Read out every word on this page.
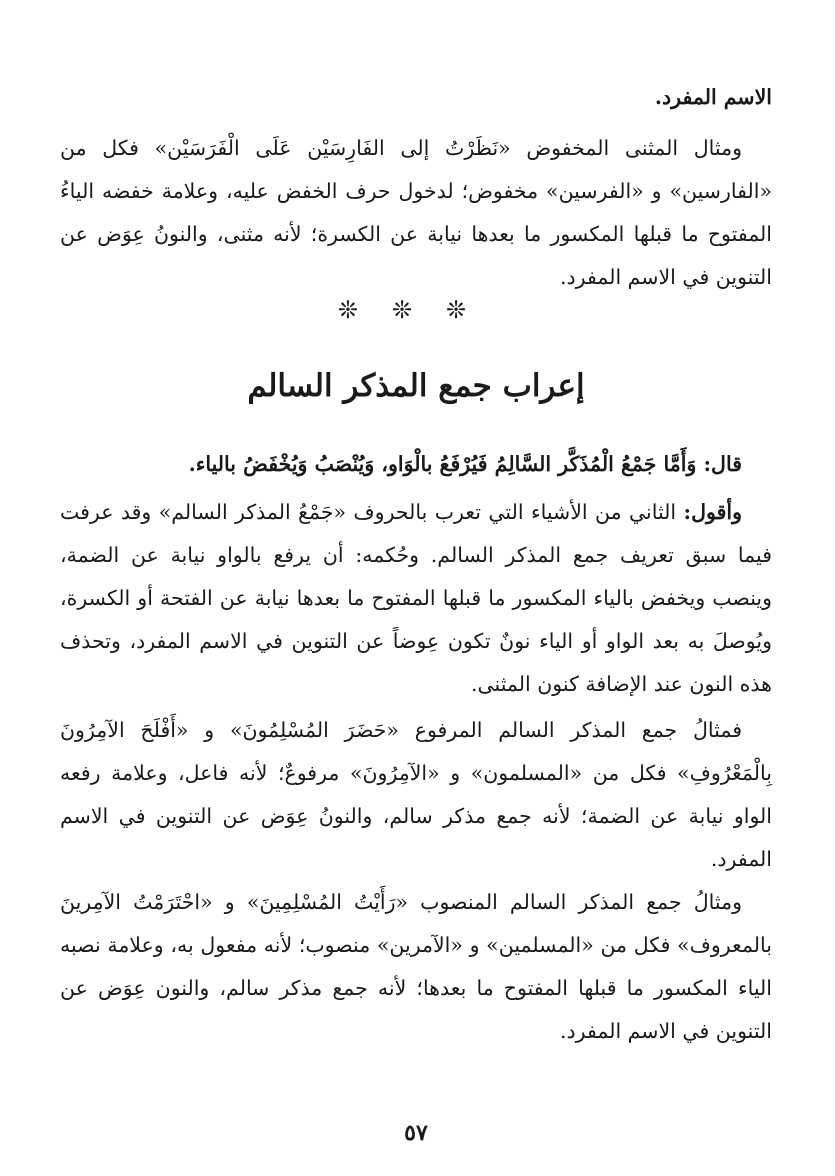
الاسم المفرد.

ومثال المثنى المخفوض «نَظَرْتُ إلى الفَارِسَيْن عَلَى الْفَرَسَيْن» فكل من «الفارسين» و «الفرسين» مخفوض؛ لدخول حرف الخفض عليه، وعلامة خفضه الياءُ المفتوح ما قبلها المكسور ما بعدها نيابة عن الكسرة؛ لأنه مثنى، والنونُ عِوَض عن التنوين في الاسم المفرد.

❊ ❊ ❊
إعراب جمع المذكر السالم

قال: وَأَمَّا جَمْعُ الْمُذَكَّر السَّالِمُ فَيُرْفَعُ بالْوَاو، وَيُنْصَبُ وَيُخْفَضُ بالياء.

وأقول: الثاني من الأشياء التي تعرب بالحروف «جَمْعُ المذكر السالم» وقد عرفت فيما سبق تعريف جمع المذكر السالم. وحُكمه: أن يرفع بالواو نيابة عن الضمة، وينصب ويخفض بالياء المكسور ما قبلها المفتوح ما بعدها نيابة عن الفتحة أو الكسرة، ويُوصلَ به بعد الواو أو الياء نونٌ تكون عِوضاً عن التنوين في الاسم المفرد، وتحذف هذه النون عند الإضافة كنون المثنى.

فمثالُ جمع المذكر السالم المرفوع «حَضَرَ المُسْلِمُونَ» و «أَفْلَحَ الآمِرُونَ بِالْمَعْرُوفِ» فكل من «المسلمون» و «الآمِرُونَ» مرفوعٌ؛ لأنه فاعل، وعلامة رفعه الواو نيابة عن الضمة؛ لأنه جمع مذكر سالم، والنونُ عِوَض عن التنوين في الاسم المفرد.

ومثالُ جمع المذكر السالم المنصوب «رَأَيْتُ المُسْلِمِينَ» و «احْتَرَمْتُ الآمِرينَ بالمعروف» فكل من «المسلمين» و «الآمرين» منصوب؛ لأنه مفعول به، وعلامة نصبه الياء المكسور ما قبلها المفتوح ما بعدها؛ لأنه جمع مذكر سالم، والنون عِوَض عن التنوين في الاسم المفرد.

٥٧
